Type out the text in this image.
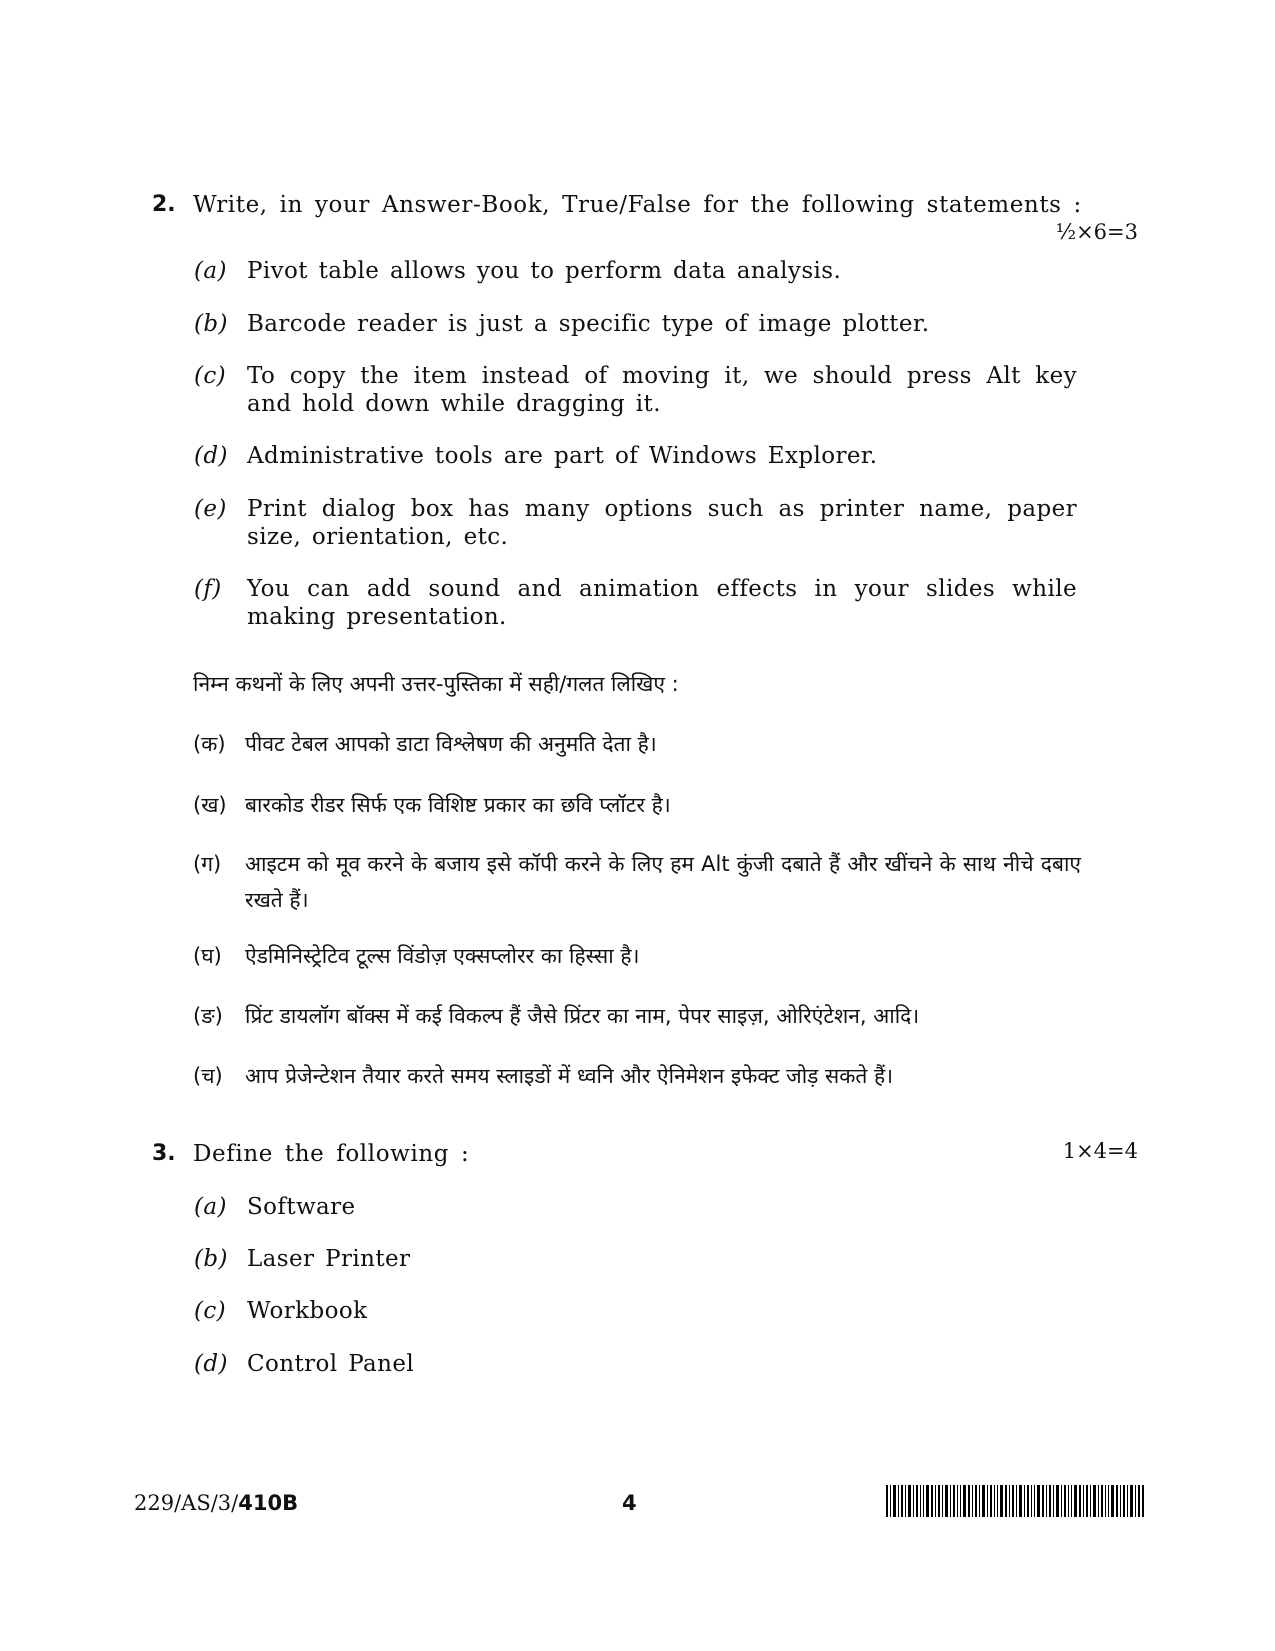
2. Write, in your Answer-Book, True/False for the following statements :
½×6=3
(a) Pivot table allows you to perform data analysis.
(b) Barcode reader is just a specific type of image plotter.
(c) To copy the item instead of moving it, we should press Alt key and hold down while dragging it.
(d) Administrative tools are part of Windows Explorer.
(e) Print dialog box has many options such as printer name, paper size, orientation, etc.
(f) You can add sound and animation effects in your slides while making presentation.
निम्न कथनों के लिए अपनी उत्तर-पुस्तिका में सही/गलत लिखिए :
(क) पीवट टेबल आपको डाटा विश्लेषण की अनुमति देता है।
(ख) बारकोड रीडर सिर्फ एक विशिष्ट प्रकार का छवि प्लॉटर है।
(ग) आइटम को मूव करने के बजाय इसे कॉपी करने के लिए हम Alt कुंजी दबाते हैं और खींचने के साथ नीचे दबाए रखते हैं।
(घ) ऐडमिनिस्ट्रेटिव टूल्स विंडोज़ एक्सप्लोरर का हिस्सा है।
(ङ) प्रिंट डायलॉग बॉक्स में कई विकल्प हैं जैसे प्रिंटर का नाम, पेपर साइज़, ओरिएंटेशन, आदि।
(च) आप प्रेजेन्टेशन तैयार करते समय स्लाइडों में ध्वनि और ऐनिमेशन इफेक्ट जोड़ सकते हैं।
3. Define the following :	1×4=4
(a) Software
(b) Laser Printer
(c) Workbook
(d) Control Panel
229/AS/3/410B	4
